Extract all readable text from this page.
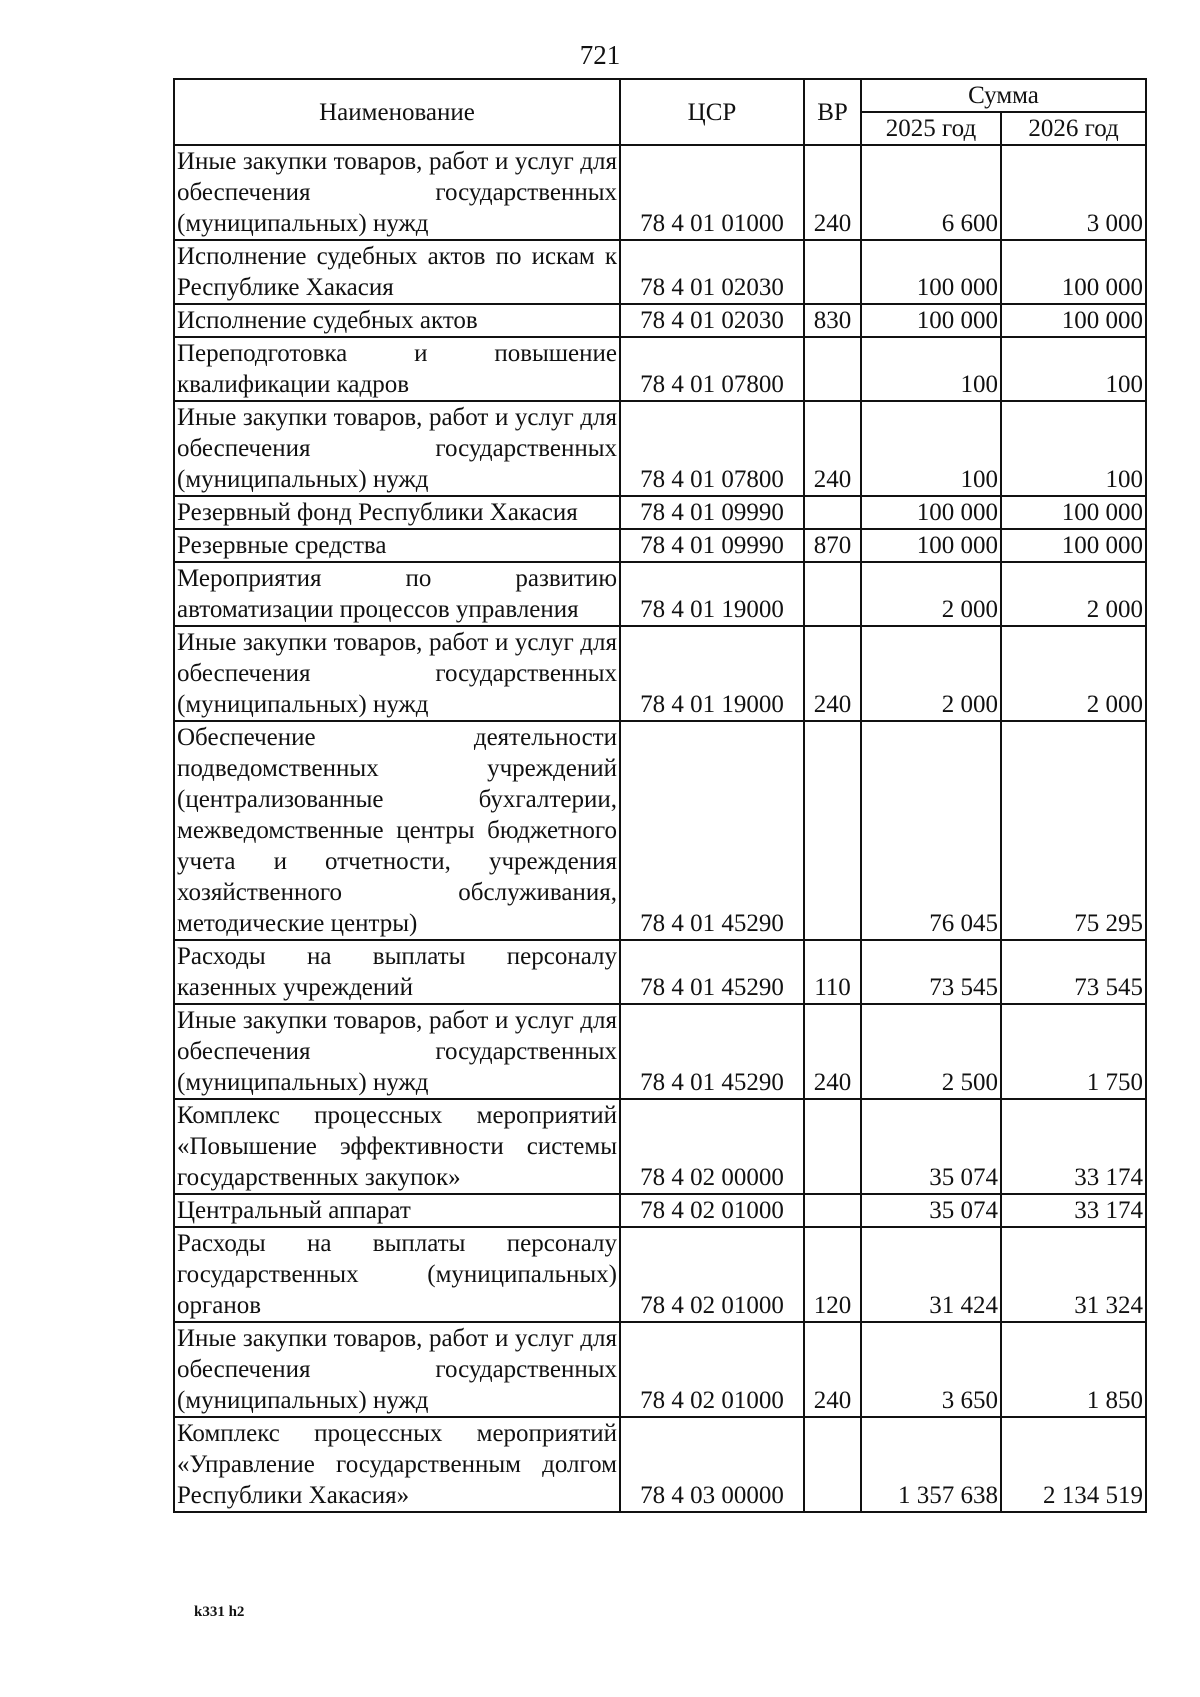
721
Наименование	ЦСР	ВР	Сумма	
			2025 год	2026 год
Иные закупки товаров, работ и услуг для обеспечения государственных (муниципальных) нужд	78 4 01 01000	240	6 600	3 000
Исполнение судебных актов по искам к Республике Хакасия	78 4 01 02030		100 000	100 000
Исполнение судебных актов	78 4 01 02030	830	100 000	100 000
Переподготовка и повышение квалификации кадров	78 4 01 07800		100	100
Иные закупки товаров, работ и услуг для обеспечения государственных (муниципальных) нужд	78 4 01 07800	240	100	100
Резервный фонд Республики Хакасия	78 4 01 09990		100 000	100 000
Резервные средства	78 4 01 09990	870	100 000	100 000
Мероприятия по развитию автоматизации процессов управления	78 4 01 19000		2 000	2 000
Иные закупки товаров, работ и услуг для обеспечения государственных (муниципальных) нужд	78 4 01 19000	240	2 000	2 000
Обеспечение деятельности подведомственных учреждений (централизованные бухгалтерии, межведомственные центры бюджетного учета и отчетности, учреждения хозяйственного обслуживания, методические центры)	78 4 01 45290		76 045	75 295
Расходы на выплаты персоналу казенных учреждений	78 4 01 45290	110	73 545	73 545
Иные закупки товаров, работ и услуг для обеспечения государственных (муниципальных) нужд	78 4 01 45290	240	2 500	1 750
Комплекс процессных мероприятий «Повышение эффективности системы государственных закупок»	78 4 02 00000		35 074	33 174
Центральный аппарат	78 4 02 01000		35 074	33 174
Расходы на выплаты персоналу государственных (муниципальных) органов	78 4 02 01000	120	31 424	31 324
Иные закупки товаров, работ и услуг для обеспечения государственных (муниципальных) нужд	78 4 02 01000	240	3 650	1 850
Комплекс процессных мероприятий «Управление государственным долгом Республики Хакасия»	78 4 03 00000		1 357 638	2 134 519
k331 h2
